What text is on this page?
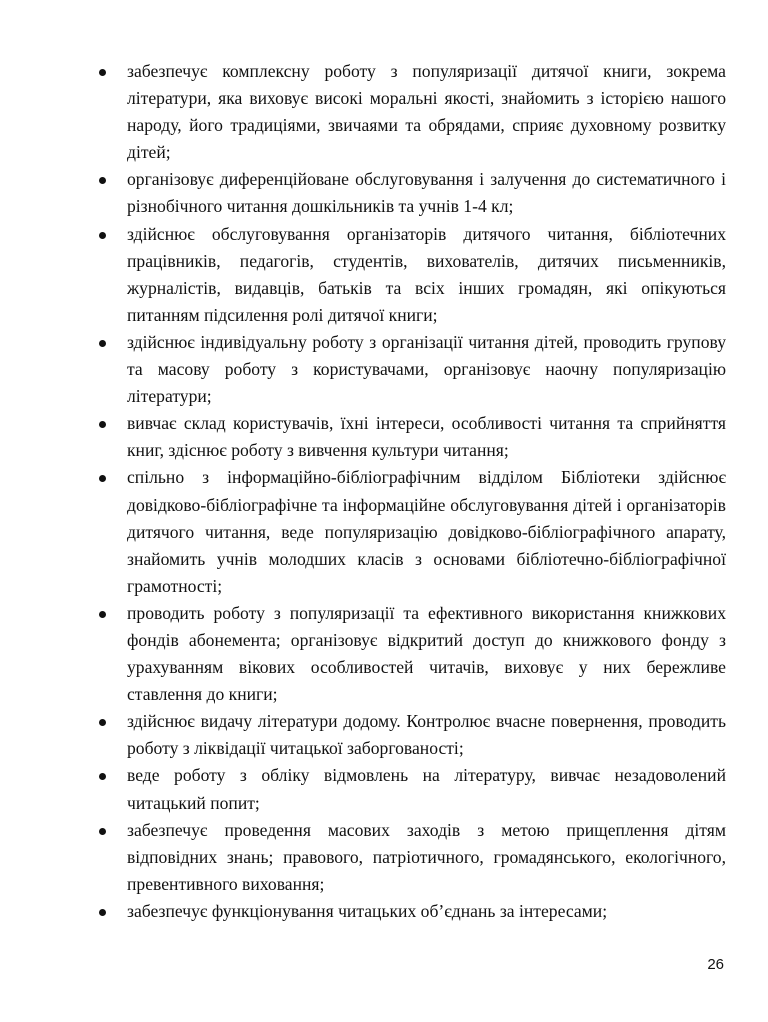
забезпечує комплексну роботу з популяризації дитячої книги, зокрема літератури, яка виховує високі моральні якості, знайомить з історією нашого народу, його традиціями, звичаями та обрядами, сприяє духовному розвитку дітей;
організовує диференційоване обслуговування і залучення до систематичного і різнобічного читання дошкільників та учнів 1-4 кл;
здійснює обслуговування організаторів дитячого читання, бібліотечних працівників, педагогів, студентів, вихователів, дитячих письменників, журналістів, видавців, батьків та всіх інших громадян, які опікуються питанням підсилення ролі дитячої книги;
здійснює індивідуальну роботу з організації читання дітей, проводить групову та масову роботу з користувачами, організовує наочну популяризацію літератури;
вивчає склад користувачів, їхні інтереси, особливості читання та сприйняття книг, здіснює роботу з вивчення культури читання;
спільно з інформаційно-бібліографічним відділом Бібліотеки здійснює довідково-бібліографічне та інформаційне обслуговування дітей і організаторів дитячого читання, веде популяризацію довідково-бібліографічного апарату, знайомить учнів молодших класів з основами бібліотечно-бібліографічної грамотності;
проводить роботу з популяризації та ефективного використання книжкових фондів абонемента; організовує відкритий доступ до книжкового фонду з урахуванням вікових особливостей читачів, виховує у них бережливе ставлення до книги;
здійснює видачу літератури додому. Контролює вчасне повернення, проводить роботу з ліквідації читацької заборгованості;
веде роботу з обліку відмовлень на літературу, вивчає незадоволений читацький попит;
забезпечує проведення масових заходів з метою прищеплення дітям відповідних знань; правового, патріотичного, громадянського, екологічного, превентивного виховання;
забезпечує функціонування читацьких об’єднань за інтересами;
26
